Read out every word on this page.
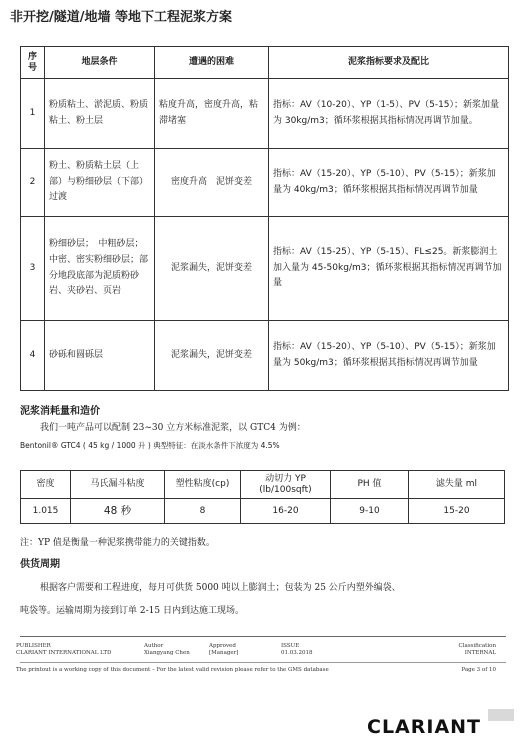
非开挖/隧道/地墙 等地下工程泥浆方案
序号	地层条件	遭遇的困难	泥浆指标要求及配比
1	粉质粘土、淤泥质、粉质粘土、粉土层	粘度升高，密度升高，粘滞堵塞	指标：AV（10-20）、YP（1-5）、PV（5-15）；新浆加量为 30kg/m3；循环浆根据其指标情况再调节加量。
2	粉土、粉质粘土层（上部）与粉细砂层（下部）过渡	密度升高　泥饼变差	指标：AV（15-20）、YP（5-10）、PV（5-15）；新浆加量为 40kg/m3；循环浆根据其指标情况再调节加量
3	粉细砂层；　中粗砂层；中密、密实粉细砂层；部分地段底部为泥质粉砂岩、夹砂岩、页岩	泥浆漏失，泥饼变差	指标：AV（15-25）、YP（5-15）、FL≤25。新浆膨润土加入量为 45-50kg/m3；循环浆根据其指标情况再调节加量
4	砂砾和圆砾层	泥浆漏失，泥饼变差	指标：AV（15-20）、YP（5-10）、PV（5-15）；新浆加量为 50kg/m3；循环浆根据其指标情况再调节加量
泥浆消耗量和造价
我们一吨产品可以配制 23~30 立方米标准泥浆，以 GTC4 为例：
Bentonil® GTC4 ( 45 kg / 1000 升 ) 典型特征：在淡水条件下浓度为 4.5%
密度	马氏漏斗粘度	塑性粘度(cp)	动切力 YP (lb/100sqft)	PH 值	滤失量 ml
1.015	48 秒	8	16-20	9-10	15-20
注：YP 值是衡量一种泥浆携带能力的关键指数。
供货周期
根据客户需要和工程进度，每月可供货 5000 吨以上膨润土；包装为 25 公斤内塑外编袋、
吨袋等。运输周期为接到订单 2-15 日内到达施工现场。
PUBLISHER
CLARIANT INTERNATIONAL LTD
Author
Xiangyang Chen
Approved
[Manager]
ISSUE
01.03.2018
Classification
INTERNAL
The printout is a working copy of this document – For the latest valid revision please refer to the GMS database	Page 3 of 10
CLARIANT
